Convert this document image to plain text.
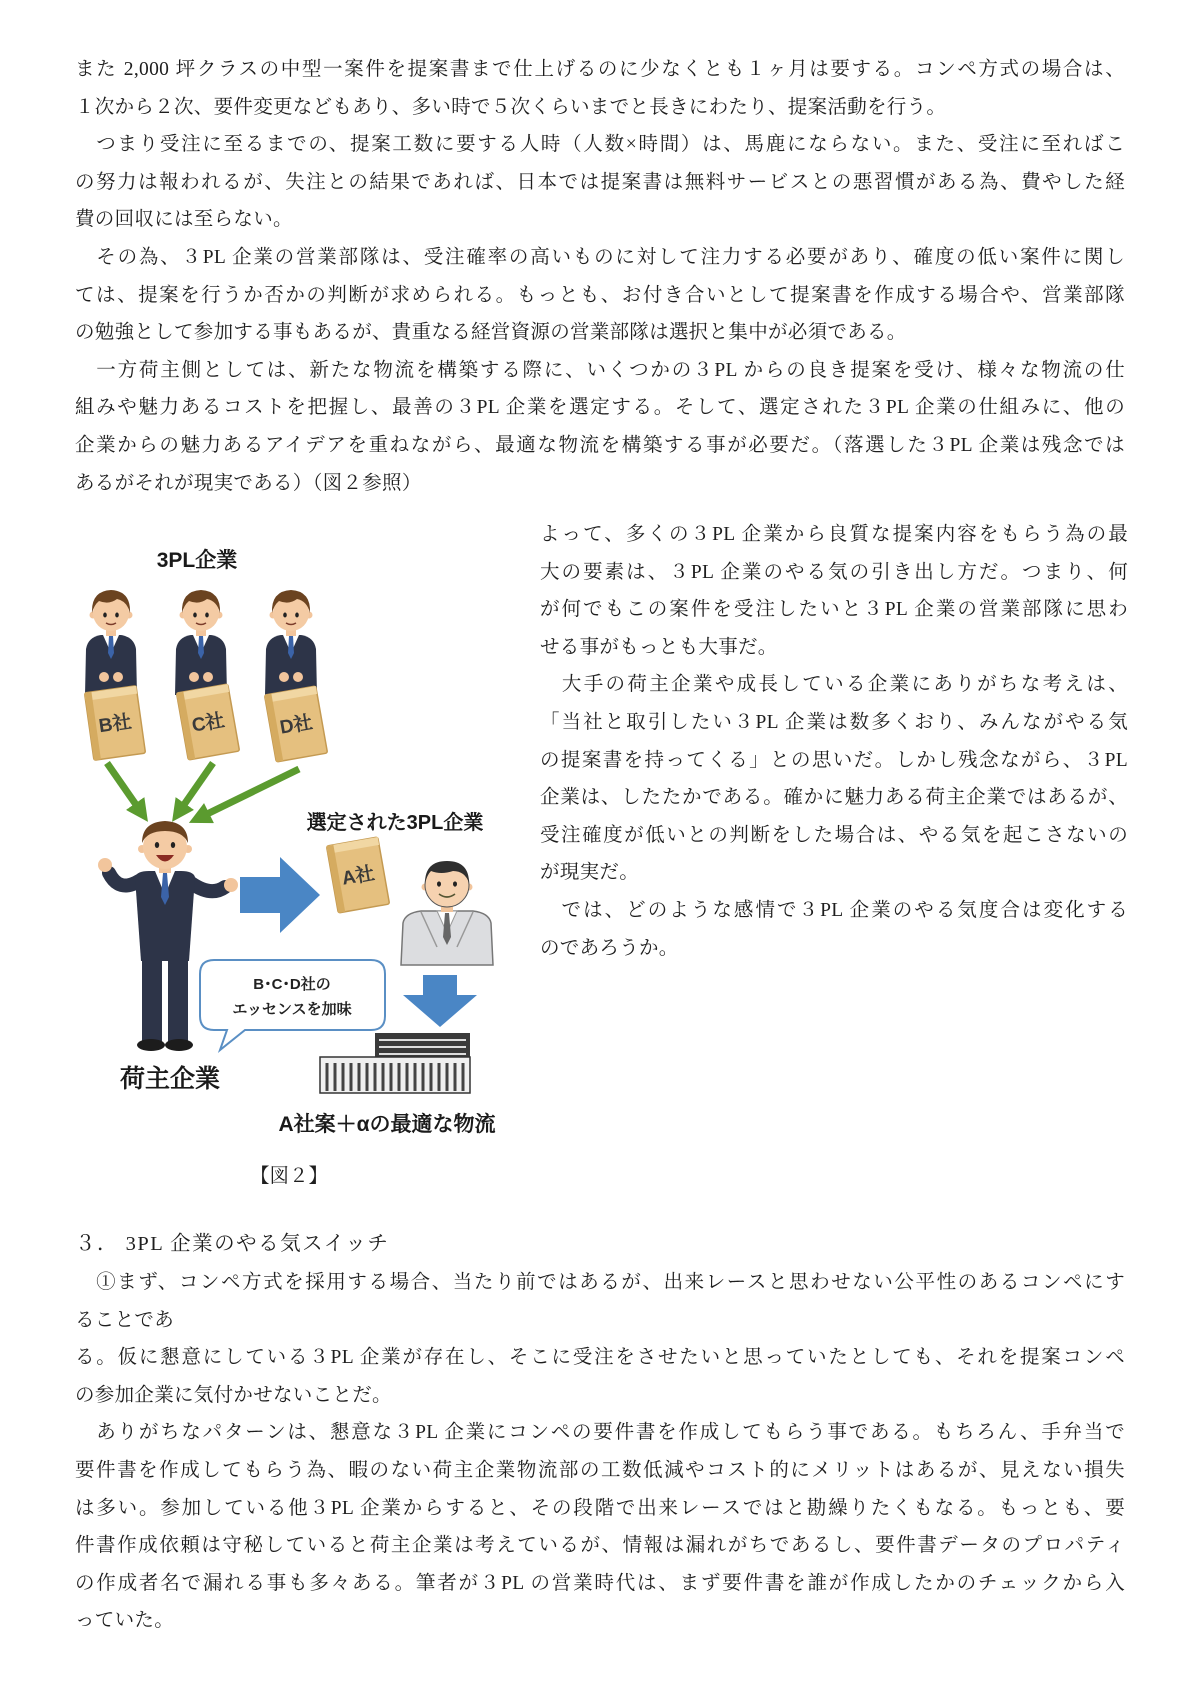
また 2,000 坪クラスの中型一案件を提案書まで仕上げるのに少なくとも１ヶ月は要する。コンペ方式の場合は、
１次から２次、要件変更などもあり、多い時で５次くらいまでと長きにわたり、提案活動を行う。
　つまり受注に至るまでの、提案工数に要する人時（人数×時間）は、馬鹿にならない。また、受注に至ればこ
の努力は報われるが、失注との結果であれば、日本では提案書は無料サービスとの悪習慣がある為、費やした経
費の回収には至らない。
　その為、３PL 企業の営業部隊は、受注確率の高いものに対して注力する必要があり、確度の低い案件に関し
ては、提案を行うか否かの判断が求められる。もっとも、お付き合いとして提案書を作成する場合や、営業部隊
の勉強として参加する事もあるが、貴重なる経営資源の営業部隊は選択と集中が必須である。
　一方荷主側としては、新たな物流を構築する際に、いくつかの３PL からの良き提案を受け、様々な物流の仕
組みや魅力あるコストを把握し、最善の３PL 企業を選定する。そして、選定された３PL 企業の仕組みに、他の
企業からの魅力あるアイデアを重ねながら、最適な物流を構築する事が必要だ。（落選した３PL 企業は残念では
あるがそれが現実である）（図２参照）
3PL企業
B社	C社	D社
荷主企業
選定された3PL企業
A社
B･C･D社の
エッセンスを加味
A社案＋αの最適な物流
【図２】
よって、多くの３PL 企業から良質な提案内容をもらう為の最
大の要素は、３PL 企業のやる気の引き出し方だ。つまり、何
が何でもこの案件を受注したいと３PL 企業の営業部隊に思わ
せる事がもっとも大事だ。
　大手の荷主企業や成長している企業にありがちな考えは、
「当社と取引したい３PL 企業は数多くおり、みんながやる気
の提案書を持ってくる」との思いだ。しかし残念ながら、３PL
企業は、したたかである。確かに魅力ある荷主企業ではあるが、
受注確度が低いとの判断をした場合は、やる気を起こさないの
が現実だ。
　では、どのような感情で３PL 企業のやる気度合は変化する
のであろうか。
３． 3PL 企業のやる気スイッチ
　①まず、コンペ方式を採用する場合、当たり前ではあるが、出来レースと思わせない公平性のあるコンペにす
ることであ
る。仮に懇意にしている３PL 企業が存在し、そこに受注をさせたいと思っていたとしても、それを提案コンペ
の参加企業に気付かせないことだ。
　ありがちなパターンは、懇意な３PL 企業にコンペの要件書を作成してもらう事である。もちろん、手弁当で
要件書を作成してもらう為、暇のない荷主企業物流部の工数低減やコスト的にメリットはあるが、見えない損失
は多い。参加している他３PL 企業からすると、その段階で出来レースではと勘繰りたくもなる。もっとも、要
件書作成依頼は守秘していると荷主企業は考えているが、情報は漏れがちであるし、要件書データのプロパティ
の作成者名で漏れる事も多々ある。筆者が３PL の営業時代は、まず要件書を誰が作成したかのチェックから入
っていた。
